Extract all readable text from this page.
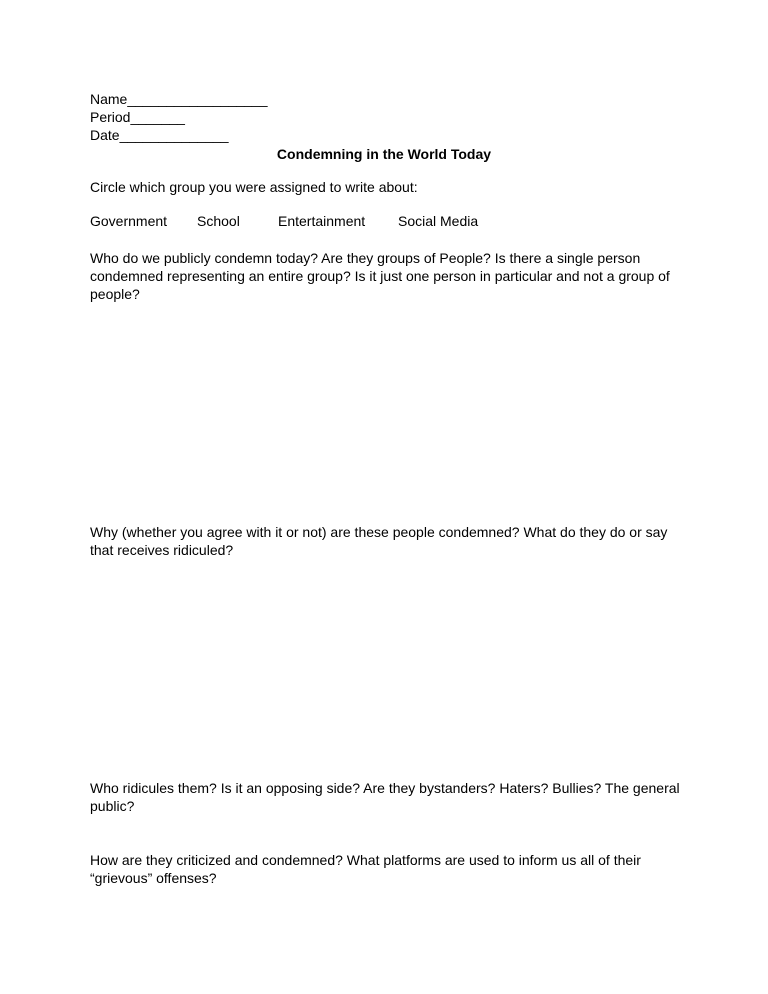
Name__________________
Period_______
Date______________
Condemning in the World Today
Circle which group you were assigned to write about:
Government School	Entertainment Social Media
Who do we publicly condemn today? Are they groups of People? Is there a single person condemned representing an entire group? Is it just one person in particular and not a group of people?
Why (whether you agree with it or not) are these people condemned? What do they do or say that receives ridiculed?
Who ridicules them? Is it an opposing side? Are they bystanders? Haters? Bullies? The general public?
How are they criticized and condemned? What platforms are used to inform us all of their “grievous” offenses?
